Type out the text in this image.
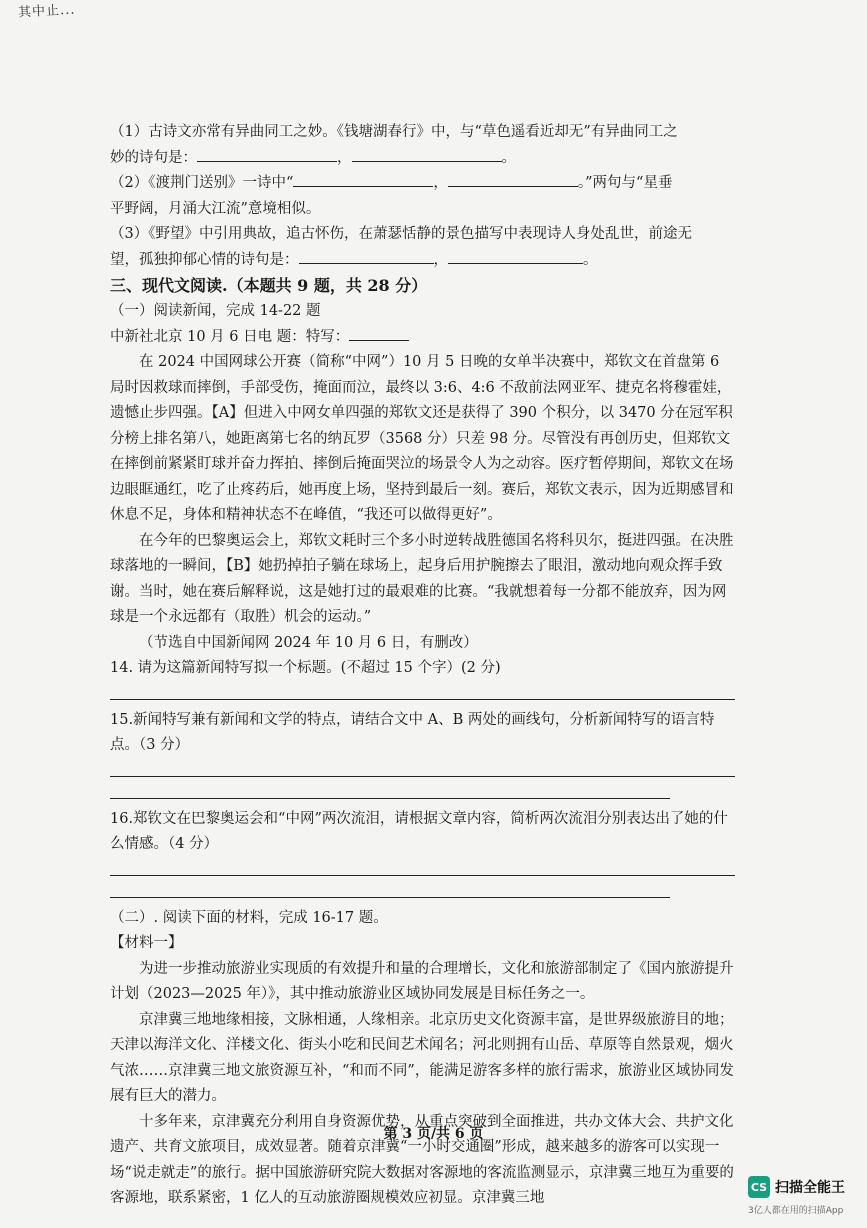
其中止...

（1）古诗文亦常有异曲同工之妙。《钱塘湖春行》中，与“草色遥看近却无”有异曲同工之

妙的诗句是：	，	。

（2）《渡荆门送别》一诗中“	，	。”两句与“星垂

平野阔，月涌大江流”意境相似。

（3）《野望》中引用典故，追古怀伤，在萧瑟恬静的景色描写中表现诗人身处乱世，前途无

望，孤独抑郁心情的诗句是：	，	。

三、现代文阅读.（本题共 9 题，共 28 分）

（一）阅读新闻，完成 14-22 题

中新社北京 10 月 6 日电 题：特写：

在 2024 中国网球公开赛（简称“中网”）10 月 5 日晚的女单半决赛中，郑钦文在首盘第 6 局时因救球而摔倒，手部受伤，掩面而泣，最终以 3:6、4:6 不敌前法网亚军、捷克名将穆霍娃，遗憾止步四强。【A】但进入中网女单四强的郑钦文还是获得了 390 个积分，以 3470 分在冠军积分榜上排名第八，她距离第七名的纳瓦罗（3568 分）只差 98 分。尽管没有再创历史，但郑钦文在摔倒前紧紧盯球并奋力挥拍、摔倒后掩面哭泣的场景令人为之动容。医疗暂停期间，郑钦文在场边眼眶通红，吃了止疼药后，她再度上场，坚持到最后一刻。赛后，郑钦文表示，因为近期感冒和休息不足，身体和精神状态不在峰值，“我还可以做得更好”。

在今年的巴黎奥运会上，郑钦文耗时三个多小时逆转战胜德国名将科贝尔，挺进四强。在决胜球落地的一瞬间，【B】她扔掉拍子躺在球场上，起身后用护腕擦去了眼泪，激动地向观众挥手致谢。当时，她在赛后解释说，这是她打过的最艰难的比赛。“我就想着每一分都不能放弃，因为网球是一个永远都有（取胜）机会的运动。”

（节选自中国新闻网 2024 年 10 月 6 日，有删改）

14. 请为这篇新闻特写拟一个标题。(不超过 15 个字）(2 分)

15.新闻特写兼有新闻和文学的特点，请结合文中 A、B 两处的画线句，分析新闻特写的语言特点。（3 分）

16.郑钦文在巴黎奥运会和“中网”两次流泪，请根据文章内容，简析两次流泪分别表达出了她的什么情感。（4 分）

（二）. 阅读下面的材料，完成 16-17 题。

【材料一】

为进一步推动旅游业实现质的有效提升和量的合理增长，文化和旅游部制定了《国内旅游提升计划（2023—2025 年）》，其中推动旅游业区域协同发展是目标任务之一。

京津冀三地地缘相接，文脉相通，人缘相亲。北京历史文化资源丰富，是世界级旅游目的地；天津以海洋文化、洋楼文化、街头小吃和民间艺术闻名；河北则拥有山岳、草原等自然景观，烟火气浓……京津冀三地文旅资源互补，“和而不同”，能满足游客多样的旅行需求，旅游业区域协同发展有巨大的潜力。

十多年来，京津冀充分利用自身资源优势，从重点突破到全面推进，共办文体大会、共护文化遗产、共育文旅项目，成效显著。随着京津冀“一小时交通圈”形成，越来越多的游客可以实现一场“说走就走”的旅行。据中国旅游研究院大数据对客源地的客流监测显示，京津冀三地互为重要的客源地，联系紧密，1 亿人的互动旅游圈规模效应初显。京津冀三地

第 3 页/共 6 页
CS 扫描全能王
3亿人都在用的扫描App
